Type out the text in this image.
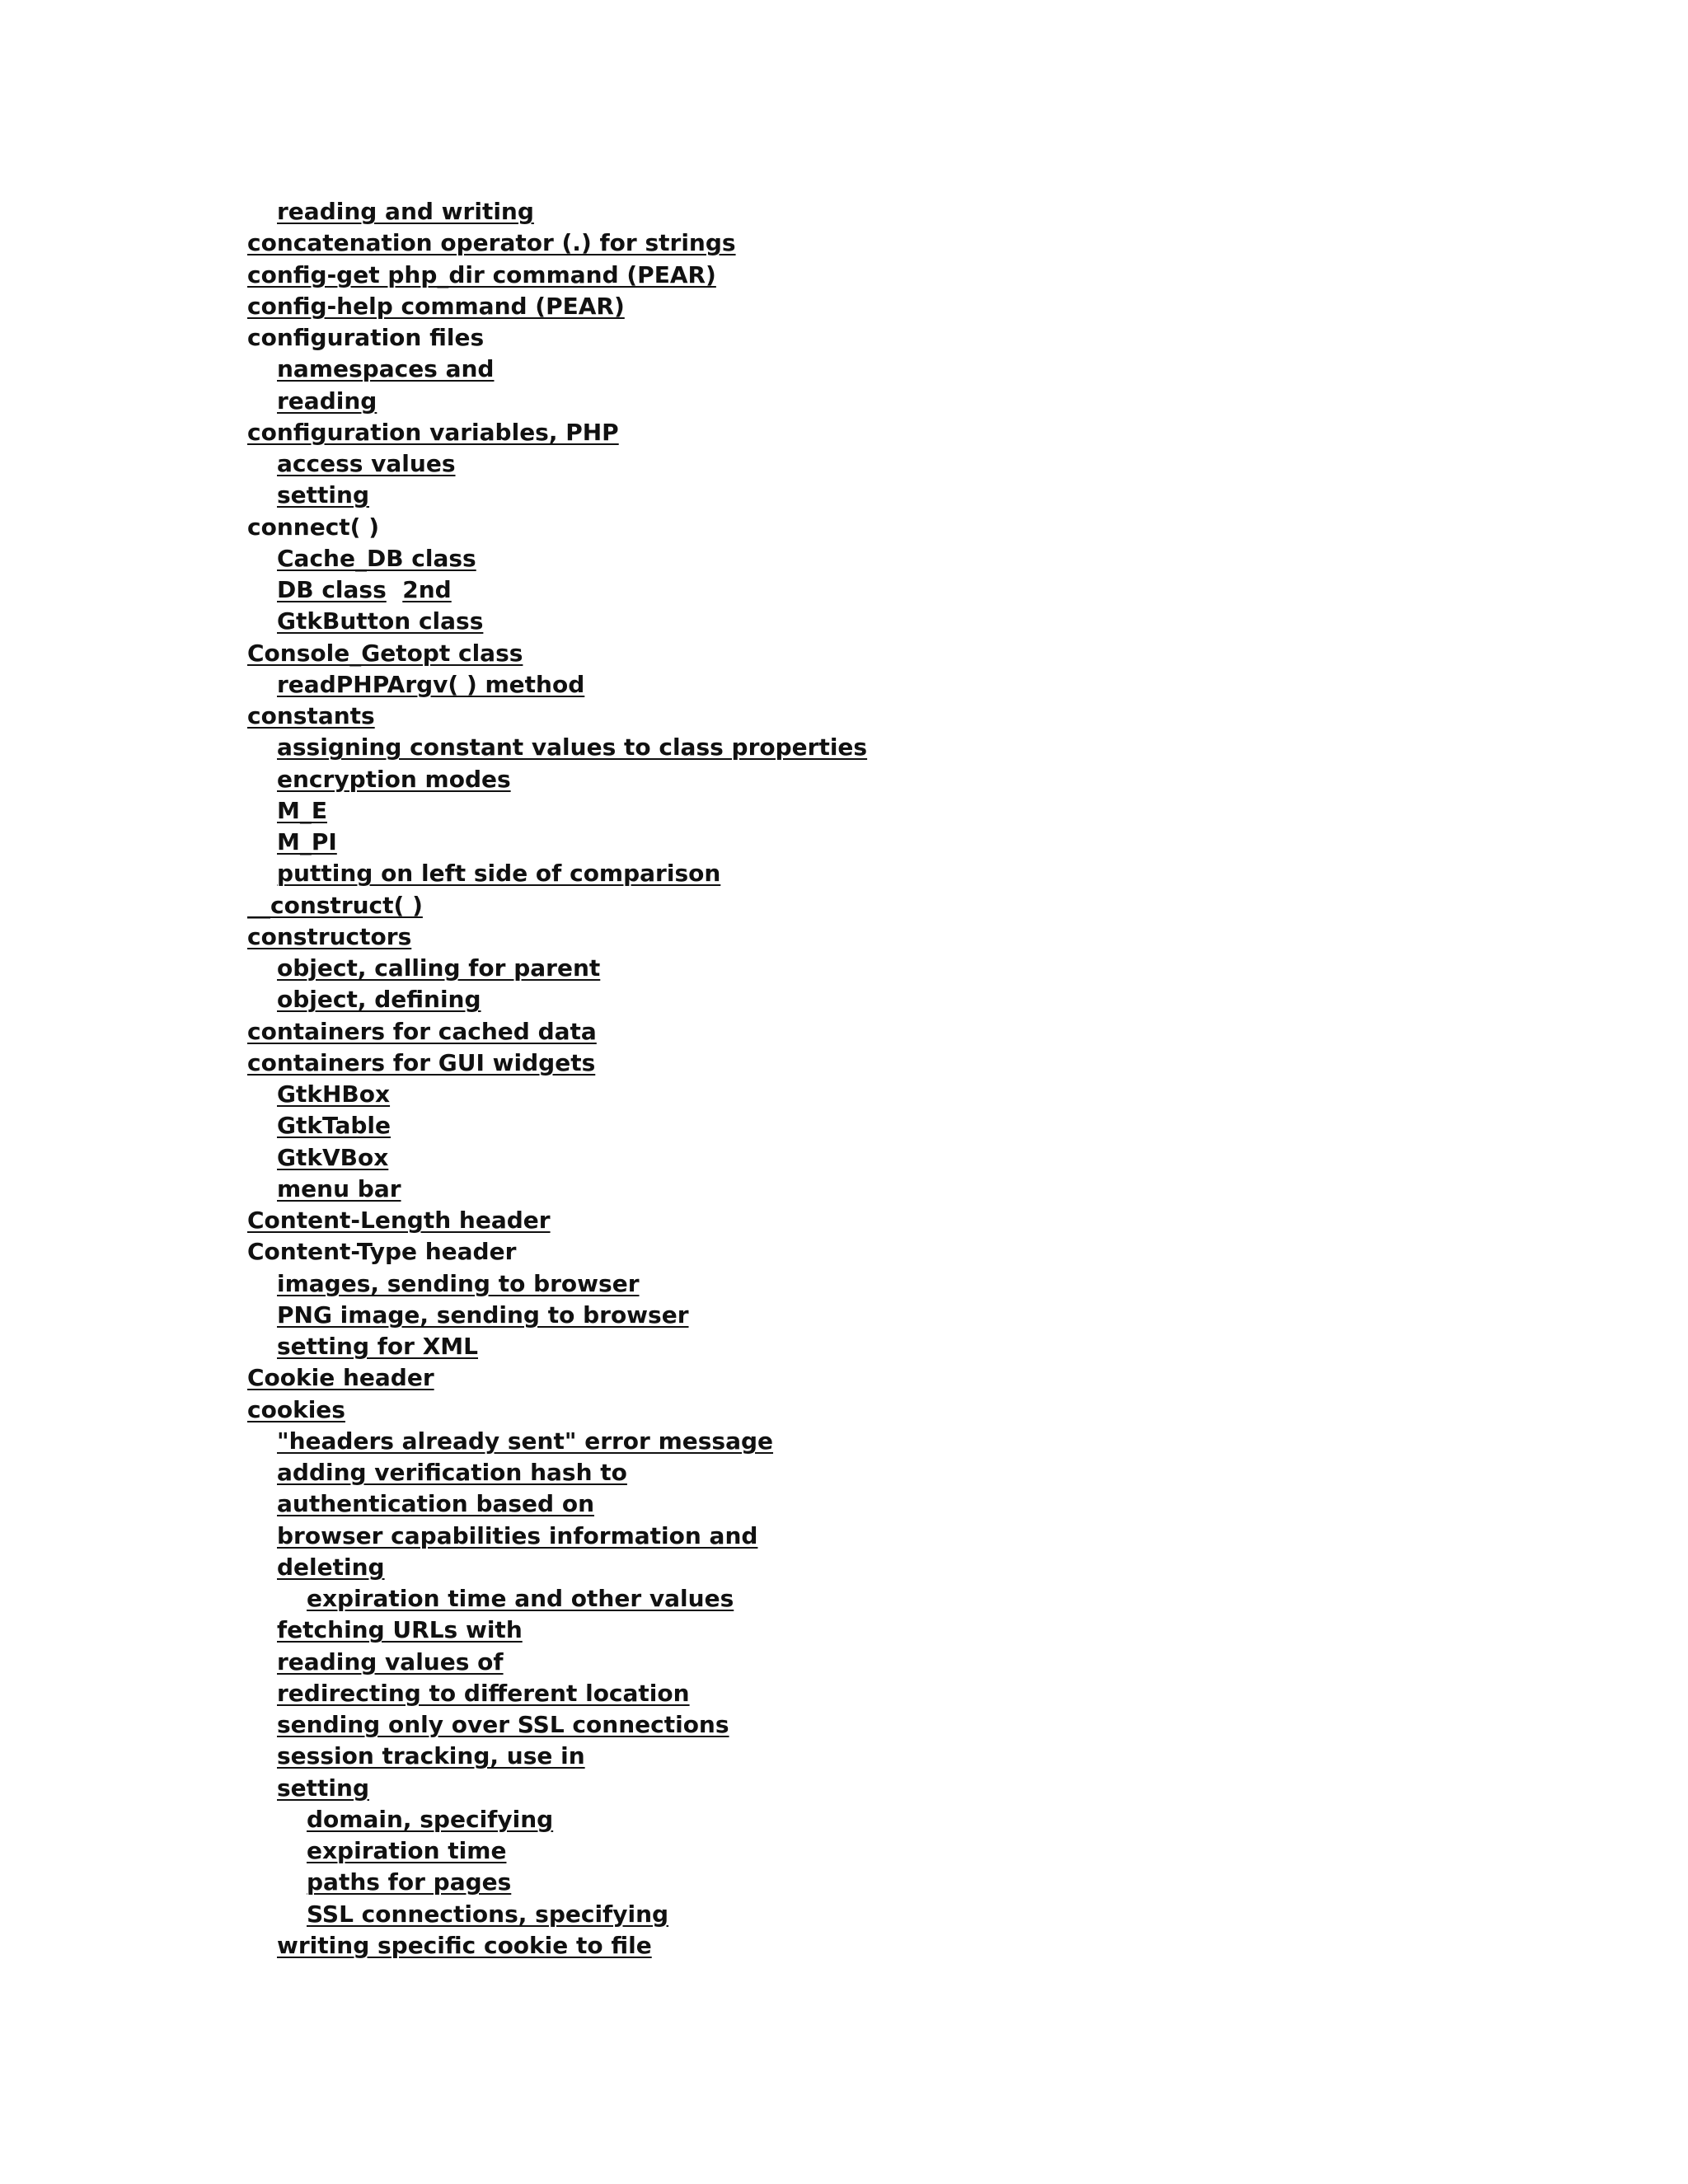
reading and writing
concatenation operator (.) for strings
config-get php_dir command (PEAR)
config-help command (PEAR)
configuration files
namespaces and
reading
configuration variables, PHP
access values
setting
connect( )
Cache_DB class
DB class 2nd
GtkButton class
Console_Getopt class
readPHPArgv( ) method
constants
assigning constant values to class properties
encryption modes
M_E
M_PI
putting on left side of comparison
__construct( )
constructors
object, calling for parent
object, defining
containers for cached data
containers for GUI widgets
GtkHBox
GtkTable
GtkVBox
menu bar
Content-Length header
Content-Type header
images, sending to browser
PNG image, sending to browser
setting for XML
Cookie header
cookies
"headers already sent" error message
adding verification hash to
authentication based on
browser capabilities information and
deleting
expiration time and other values
fetching URLs with
reading values of
redirecting to different location
sending only over SSL connections
session tracking, use in
setting
domain, specifying
expiration time
paths for pages
SSL connections, specifying
writing specific cookie to file
